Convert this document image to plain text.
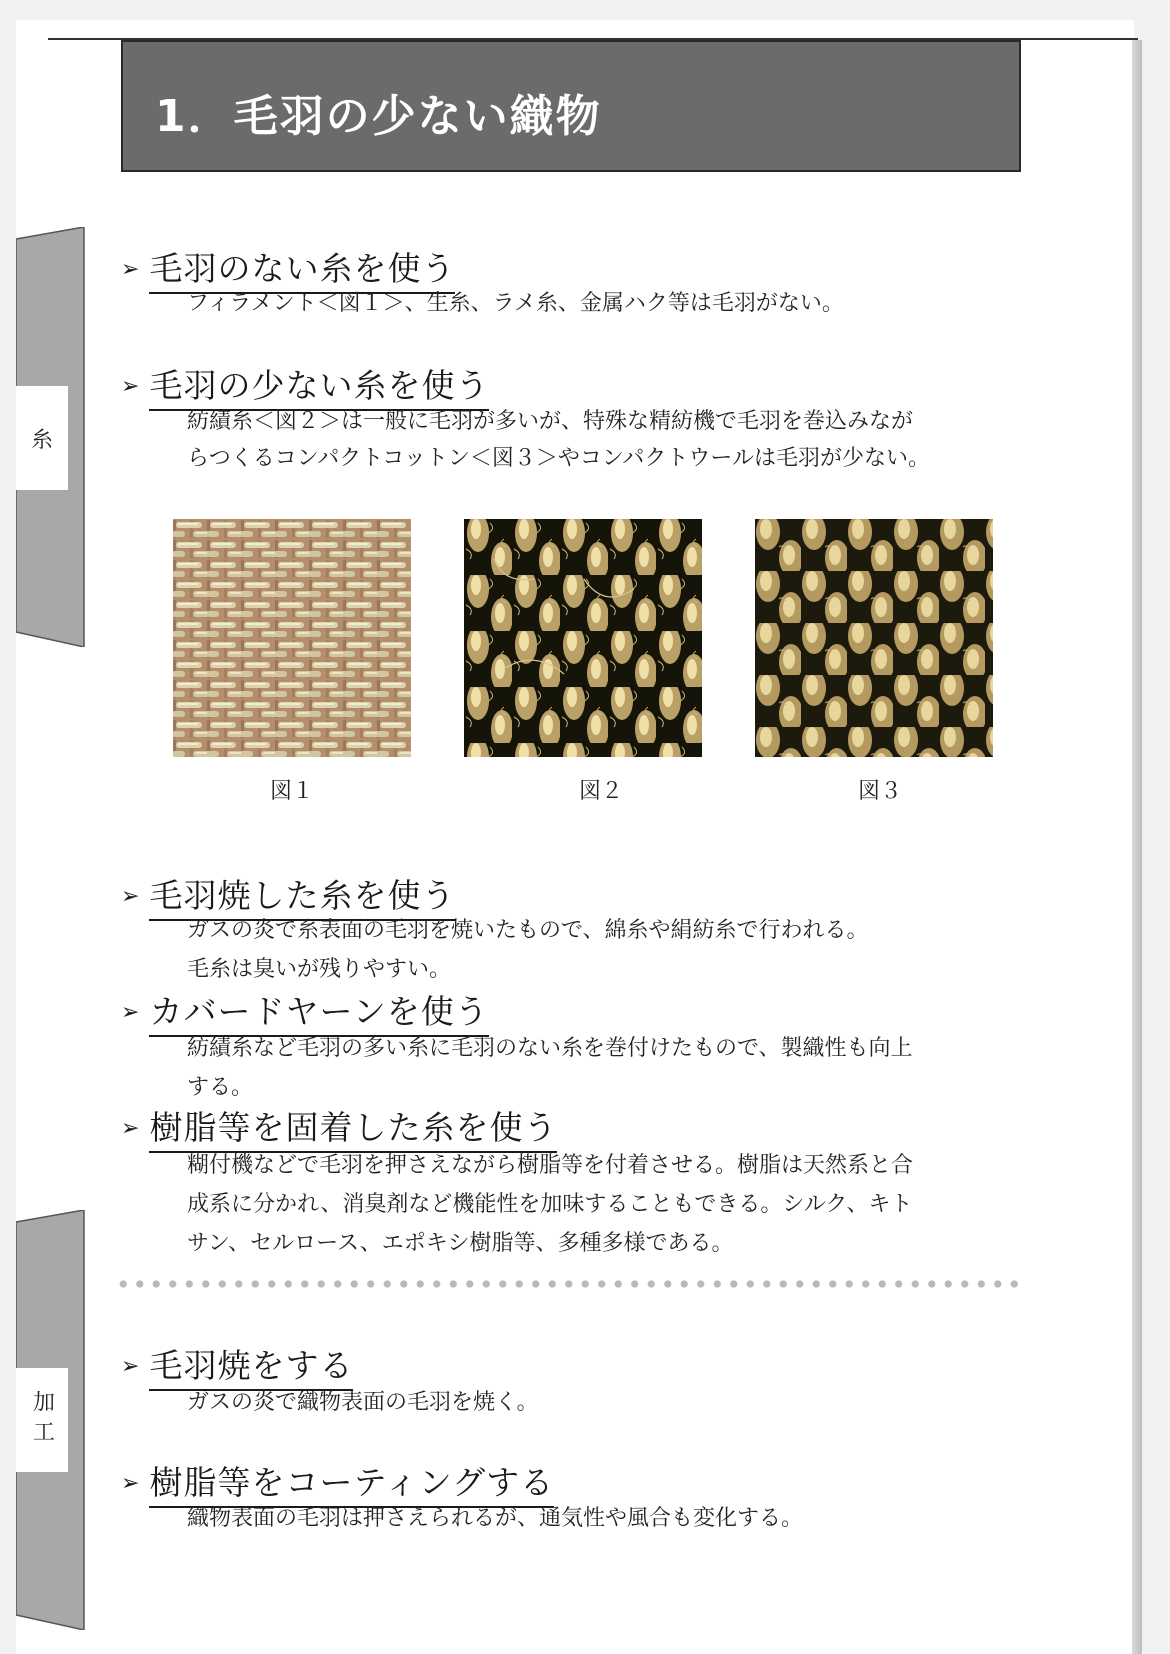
1．毛羽の少ない織物
糸
加工
➢ 毛羽のない糸を使う
フィラメント＜図１＞、生糸、ラメ糸、金属ハク等は毛羽がない。
➢ 毛羽の少ない糸を使う
紡績糸＜図２＞は一般に毛羽が多いが、特殊な精紡機で毛羽を巻込みなが
らつくるコンパクトコットン＜図３＞やコンパクトウールは毛羽が少ない。
図１	図２	図３
➢ 毛羽焼した糸を使う
ガスの炎で糸表面の毛羽を焼いたもので、綿糸や絹紡糸で行われる。
毛糸は臭いが残りやすい。
➢ カバードヤーンを使う
紡績糸など毛羽の多い糸に毛羽のない糸を巻付けたもので、製織性も向上
する。
➢ 樹脂等を固着した糸を使う
糊付機などで毛羽を押さえながら樹脂等を付着させる。樹脂は天然系と合
成系に分かれ、消臭剤など機能性を加味することもできる。シルク、キト
サン、セルロース、エポキシ樹脂等、多種多様である。
➢ 毛羽焼をする
ガスの炎で織物表面の毛羽を焼く。
➢ 樹脂等をコーティングする
織物表面の毛羽は押さえられるが、通気性や風合も変化する。
